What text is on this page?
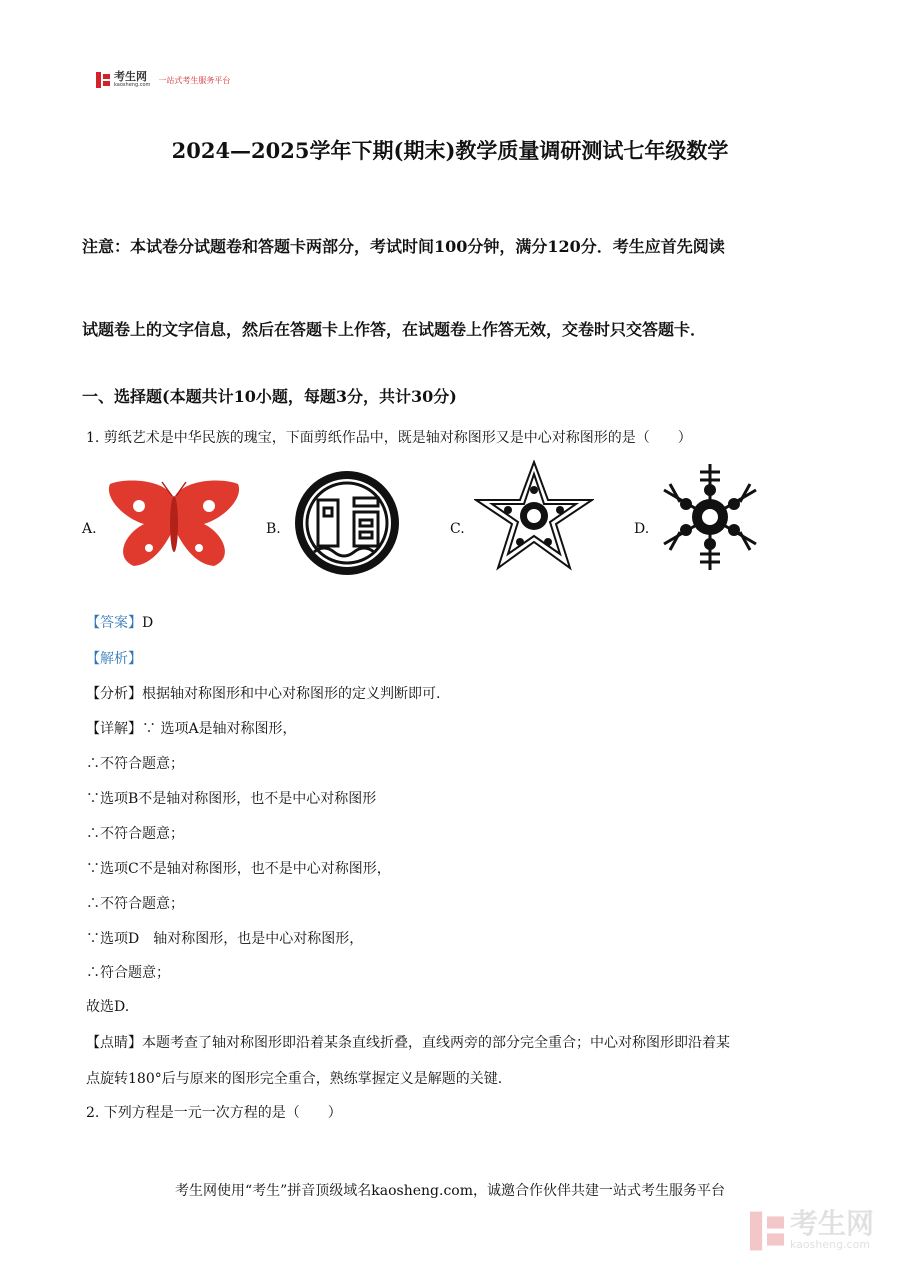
考生网
kaosheng.com
一站式考生服务平台
2024—2025学年下期(期末)教学质量调研测试七年级数学
注意：本试卷分试题卷和答题卡两部分，考试时间100分钟，满分120分．考生应首先阅读
试题卷上的文字信息，然后在答题卡上作答，在试题卷上作答无效，交卷时只交答题卡．
一、选择题(本题共计10小题，每题3分，共计30分)
1. 剪纸艺术是中华民族的瑰宝，下面剪纸作品中，既是轴对称图形又是中心对称图形的是（　　）
A.	B.	C.	D.
【答案】D
【解析】
【分析】根据轴对称图形和中心对称图形的定义判断即可.
【详解】∵ 选项A是轴对称图形，
∴不符合题意；
∵选项B不是轴对称图形，也不是中心对称图形
∴不符合题意；
∵选项C不是轴对称图形，也不是中心对称图形，
∴不符合题意；
∵选项D　轴对称图形，也是中心对称图形，
∴符合题意；
故选D.
【点睛】本题考查了轴对称图形即沿着某条直线折叠，直线两旁的部分完全重合；中心对称图形即沿着某
点旋转180°后与原来的图形完全重合，熟练掌握定义是解题的关键.
2. 下列方程是一元一次方程的是（　　）
考生网使用“考生”拼音顶级域名kaosheng.com，诚邀合作伙伴共建一站式考生服务平台
考生网
kaosheng.com
